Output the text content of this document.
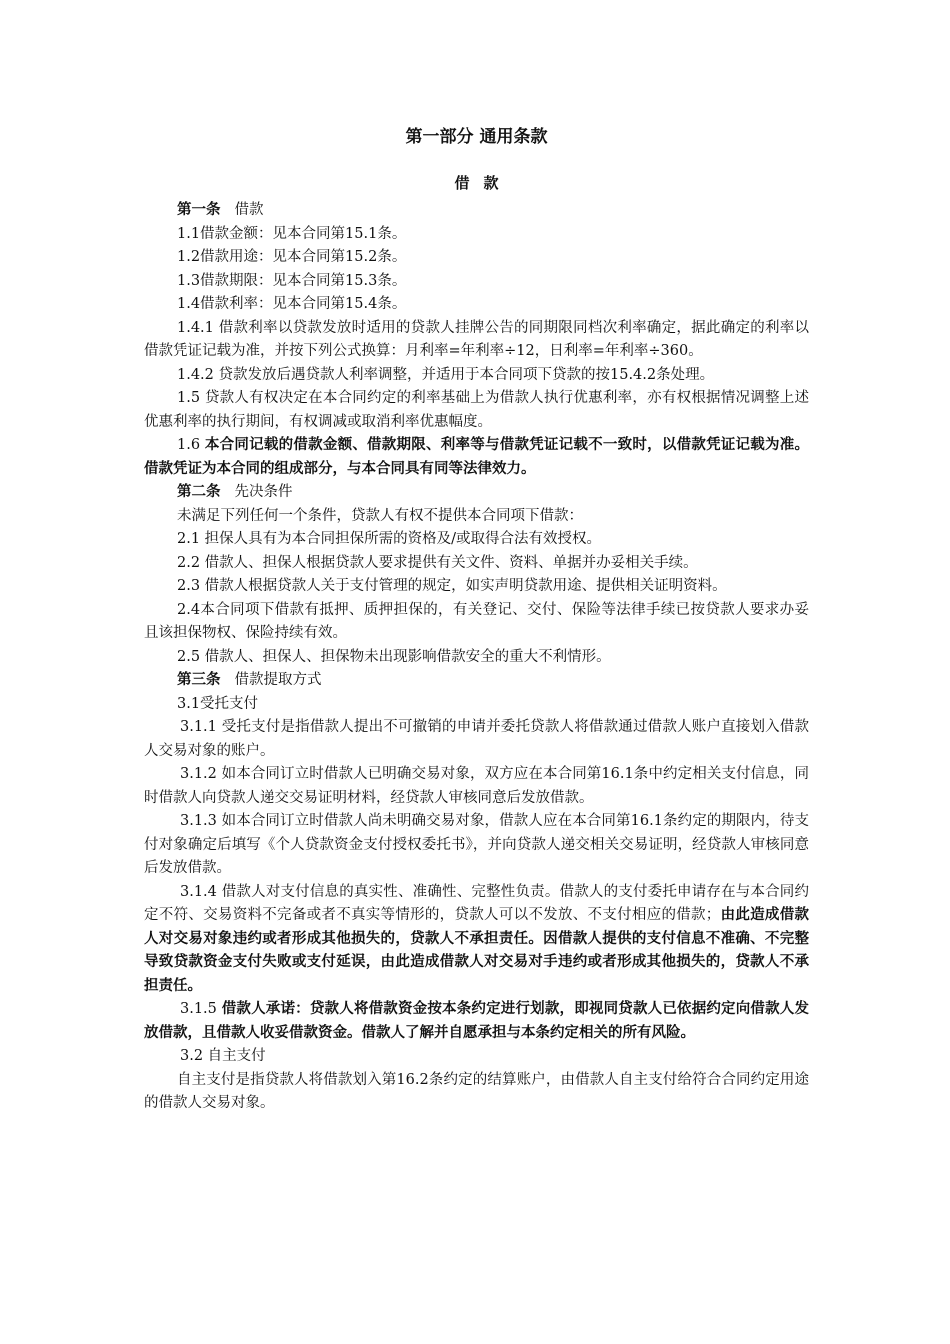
第一部分 通用条款
借款

第一条 借款

1.1借款金额：见本合同第15.1条。

1.2借款用途：见本合同第15.2条。

1.3借款期限：见本合同第15.3条。

1.4借款利率：见本合同第15.4条。

1.4.1 借款利率以贷款发放时适用的贷款人挂牌公告的同期限同档次利率确定，据此确定的利率以借款凭证记载为准，并按下列公式换算：月利率=年利率÷12，日利率=年利率÷360。

1.4.2 贷款发放后遇贷款人利率调整，并适用于本合同项下贷款的按15.4.2条处理。

1.5 贷款人有权决定在本合同约定的利率基础上为借款人执行优惠利率，亦有权根据情况调整上述优惠利率的执行期间，有权调减或取消利率优惠幅度。

1.6 本合同记载的借款金额、借款期限、利率等与借款凭证记载不一致时，以借款凭证记载为准。借款凭证为本合同的组成部分，与本合同具有同等法律效力。

第二条 先决条件

未满足下列任何一个条件，贷款人有权不提供本合同项下借款：

2.1 担保人具有为本合同担保所需的资格及/或取得合法有效授权。

2.2 借款人、担保人根据贷款人要求提供有关文件、资料、单据并办妥相关手续。

2.3 借款人根据贷款人关于支付管理的规定，如实声明贷款用途、提供相关证明资料。

2.4本合同项下借款有抵押、质押担保的，有关登记、交付、保险等法律手续已按贷款人要求办妥且该担保物权、保险持续有效。

2.5 借款人、担保人、担保物未出现影响借款安全的重大不利情形。

第三条 借款提取方式

3.1受托支付

3.1.1 受托支付是指借款人提出不可撤销的申请并委托贷款人将借款通过借款人账户直接划入借款人交易对象的账户。

3.1.2 如本合同订立时借款人已明确交易对象，双方应在本合同第16.1条中约定相关支付信息，同时借款人向贷款人递交交易证明材料，经贷款人审核同意后发放借款。

3.1.3 如本合同订立时借款人尚未明确交易对象，借款人应在本合同第16.1条约定的期限内，待支付对象确定后填写《个人贷款资金支付授权委托书》，并向贷款人递交相关交易证明，经贷款人审核同意后发放借款。

3.1.4 借款人对支付信息的真实性、准确性、完整性负责。借款人的支付委托申请存在与本合同约定不符、交易资料不完备或者不真实等情形的，贷款人可以不发放、不支付相应的借款；由此造成借款人对交易对象违约或者形成其他损失的，贷款人不承担责任。因借款人提供的支付信息不准确、不完整导致贷款资金支付失败或支付延误，由此造成借款人对交易对手违约或者形成其他损失的，贷款人不承担责任。

3.1.5 借款人承诺：贷款人将借款资金按本条约定进行划款，即视同贷款人已依据约定向借款人发放借款，且借款人收妥借款资金。借款人了解并自愿承担与本条约定相关的所有风险。

3.2 自主支付

自主支付是指贷款人将借款划入第16.2条约定的结算账户，由借款人自主支付给符合合同约定用途的借款人交易对象。
